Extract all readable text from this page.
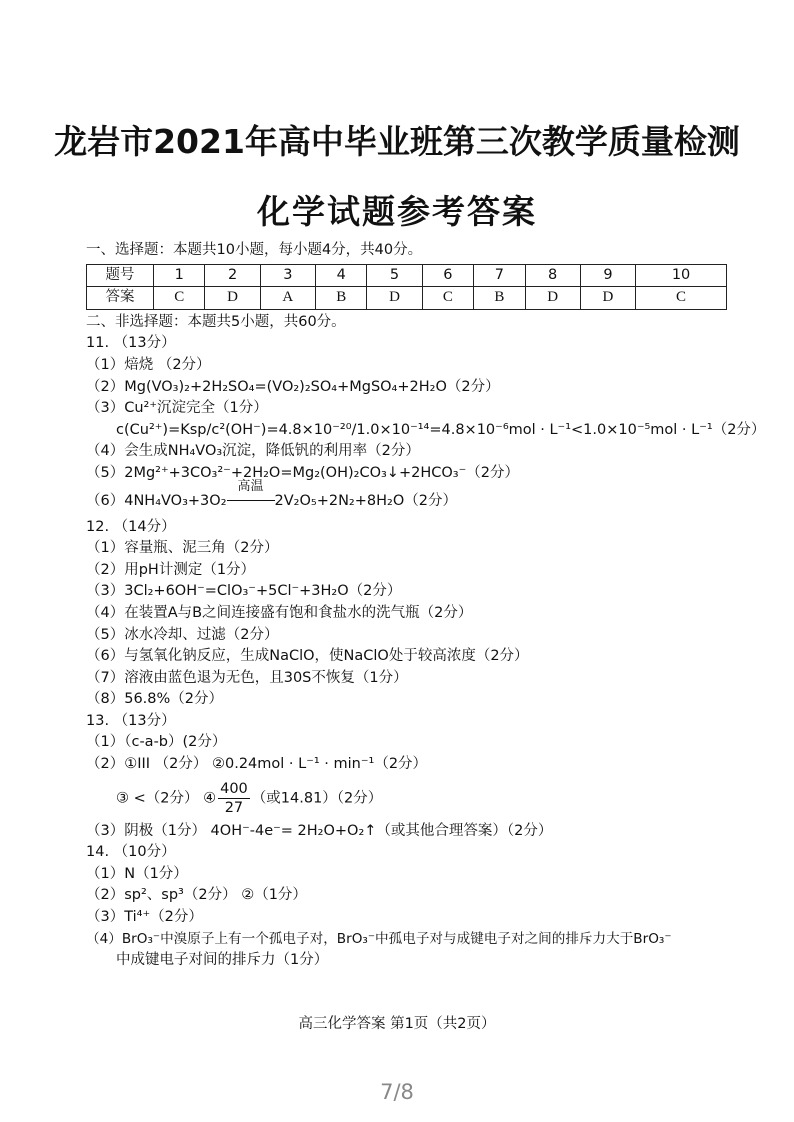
龙岩市2021年高中毕业班第三次教学质量检测
化学试题参考答案
一、选择题：本题共10小题，每小题4分，共40分。
题号	1	2	3	4	5	6	7	8	9	10
答案	C	D	A	B	D	C	B	D	D	C
二、非选择题：本题共5小题，共60分。
11. （13分）
（1）焙烧 （2分）
（2）Mg(VO₃)₂+2H₂SO₄=(VO₂)₂SO₄+MgSO₄+2H₂O（2分）
（3）Cu²⁺沉淀完全（1分）
c(Cu²⁺)=Ksp/c²(OH⁻)=4.8×10⁻²⁰/1.0×10⁻¹⁴=4.8×10⁻⁶mol · L⁻¹<1.0×10⁻⁵mol · L⁻¹（2分）
（4）会生成NH₄VO₃沉淀，降低钒的利用率（2分）
（5）2Mg²⁺+3CO₃²⁻+2H₂O=Mg₂(OH)₂CO₃↓+2HCO₃⁻（2分）
（6）4NH₄VO₃+3O₂
高温
2V₂O₅+2N₂+8H₂O（2分）
12. （14分）
（1）容量瓶、泥三角（2分）
（2）用pH计测定（1分）
（3）3Cl₂+6OH⁻=ClO₃⁻+5Cl⁻+3H₂O（2分）
（4）在装置A与B之间连接盛有饱和食盐水的洗气瓶（2分）
（5）冰水冷却、过滤（2分）
（6）与氢氧化钠反应，生成NaClO，使NaClO处于较高浓度（2分）
（7）溶液由蓝色退为无色，且30S不恢复（1分）
（8）56.8%（2分）
13. （13分）
（1）（c-a-b）(2分）
（2）①III （2分） ②0.24mol · L⁻¹ · min⁻¹（2分）
③ <（2分） ④ $\frac{400}{27}$ （或14.81）（2分）
（3）阴极（1分） 4OH⁻-4e⁻= 2H₂O+O₂↑（或其他合理答案）（2分）
14. （10分）
（1）N（1分）
（2）sp²、sp³（2分） ②（1分）
（3）Ti⁴⁺（2分）
（4）BrO₃⁻中溴原子上有一个孤电子对，BrO₃⁻中孤电子对与成键电子对之间的排斥力大于BrO₃⁻
中成键电子对间的排斥力（1分）
高三化学答案 第1页（共2页）
7/8
